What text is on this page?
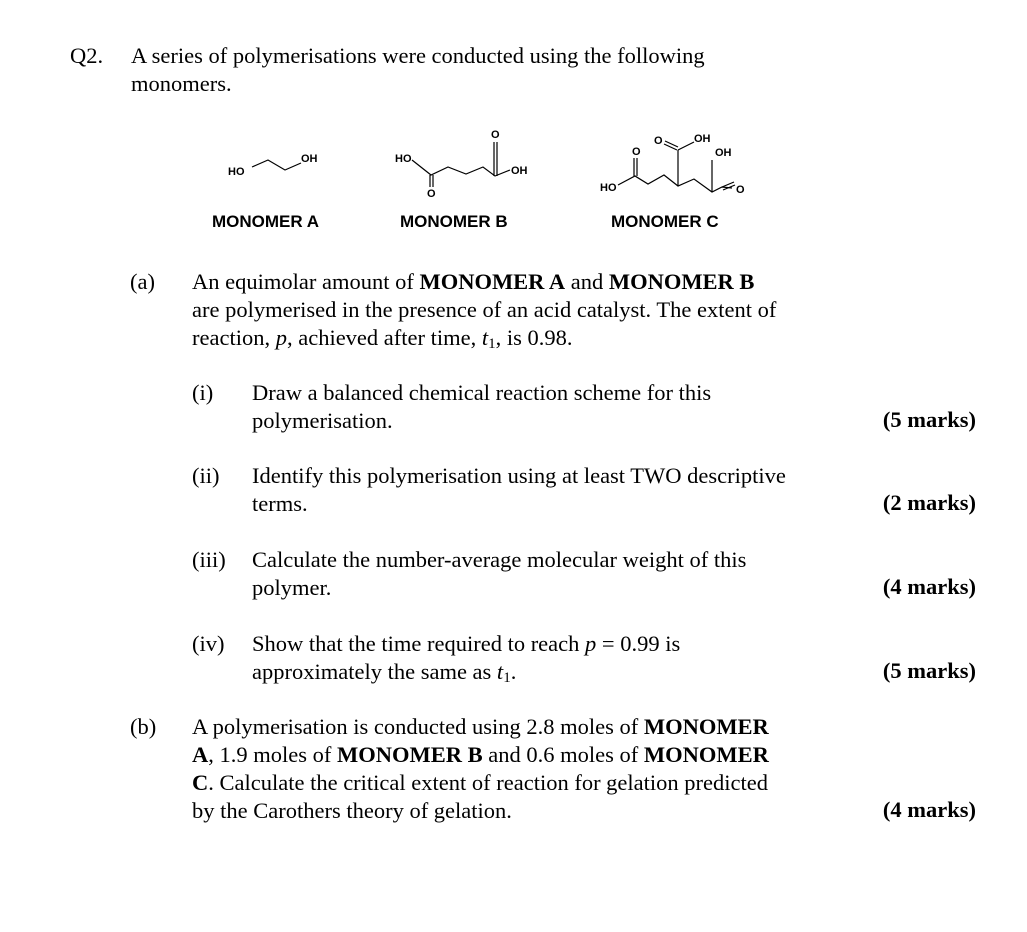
Q2. A series of polymerisations were conducted using the following
monomers.
HO
OH	HO
O
O
OH
HO
O
O	OH
OH
O
MONOMER A	MONOMER B	MONOMER C
(a) An equimolar amount of MONOMER A and MONOMER B
are polymerised in the presence of an acid catalyst. The extent of
reaction, p, achieved after time, $t_1$, is 0.98.
(i) Draw a balanced chemical reaction scheme for this
polymerisation.	(5 marks)
(ii) Identify this polymerisation using at least TWO descriptive
terms.	(2 marks)
(iii) Calculate the number-average molecular weight of this
polymer.	(4 marks)
(iv) Show that the time required to reach p = 0.99 is
approximately the same as $t_1$.	(5 marks)
(b) A polymerisation is conducted using 2.8 moles of MONOMER
A, 1.9 moles of MONOMER B and 0.6 moles of MONOMER
C. Calculate the critical extent of reaction for gelation predicted
by the Carothers theory of gelation.	(4 marks)
